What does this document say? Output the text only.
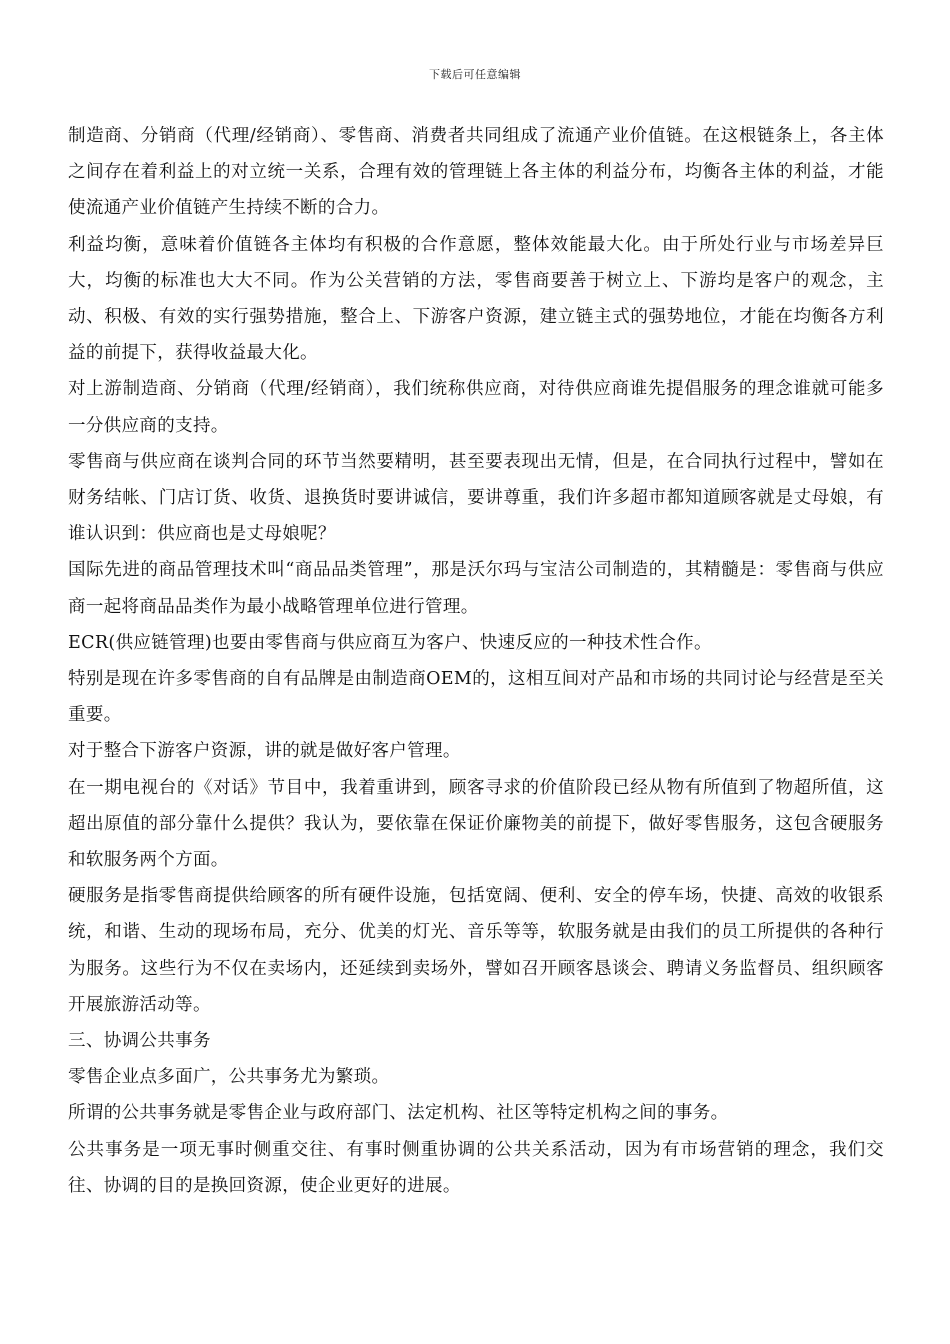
下载后可任意编辑

制造商、分销商（代理/经销商）、零售商、消费者共同组成了流通产业价值链。在这根链条上，各主体之间存在着利益上的对立统一关系，合理有效的管理链上各主体的利益分布，均衡各主体的利益，才能使流通产业价值链产生持续不断的合力。

利益均衡，意味着价值链各主体均有积极的合作意愿，整体效能最大化。由于所处行业与市场差异巨大，均衡的标准也大大不同。作为公关营销的方法，零售商要善于树立上、下游均是客户的观念，主动、积极、有效的实行强势措施，整合上、下游客户资源，建立链主式的强势地位，才能在均衡各方利益的前提下，获得收益最大化。

对上游制造商、分销商（代理/经销商），我们统称供应商，对待供应商谁先提倡服务的理念谁就可能多一分供应商的支持。

零售商与供应商在谈判合同的环节当然要精明，甚至要表现出无情，但是，在合同执行过程中，譬如在财务结帐、门店订货、收货、退换货时要讲诚信，要讲尊重，我们许多超市都知道顾客就是丈母娘，有谁认识到：供应商也是丈母娘呢？

国际先进的商品管理技术叫“商品品类管理”，那是沃尔玛与宝洁公司制造的，其精髓是：零售商与供应商一起将商品品类作为最小战略管理单位进行管理。

ECR(供应链管理)也要由零售商与供应商互为客户、快速反应的一种技术性合作。

特别是现在许多零售商的自有品牌是由制造商OEM的，这相互间对产品和市场的共同讨论与经营是至关重要。

对于整合下游客户资源，讲的就是做好客户管理。

在一期电视台的《对话》节目中，我着重讲到，顾客寻求的价值阶段已经从物有所值到了物超所值，这超出原值的部分靠什么提供？我认为，要依靠在保证价廉物美的前提下，做好零售服务，这包含硬服务和软服务两个方面。

硬服务是指零售商提供给顾客的所有硬件设施，包括宽阔、便利、安全的停车场，快捷、高效的收银系统，和谐、生动的现场布局，充分、优美的灯光、音乐等等，软服务就是由我们的员工所提供的各种行为服务。这些行为不仅在卖场内，还延续到卖场外，譬如召开顾客恳谈会、聘请义务监督员、组织顾客开展旅游活动等。

三、协调公共事务

零售企业点多面广，公共事务尤为繁琐。

所谓的公共事务就是零售企业与政府部门、法定机构、社区等特定机构之间的事务。

公共事务是一项无事时侧重交往、有事时侧重协调的公共关系活动，因为有市场营销的理念，我们交往、协调的目的是换回资源，使企业更好的进展。
